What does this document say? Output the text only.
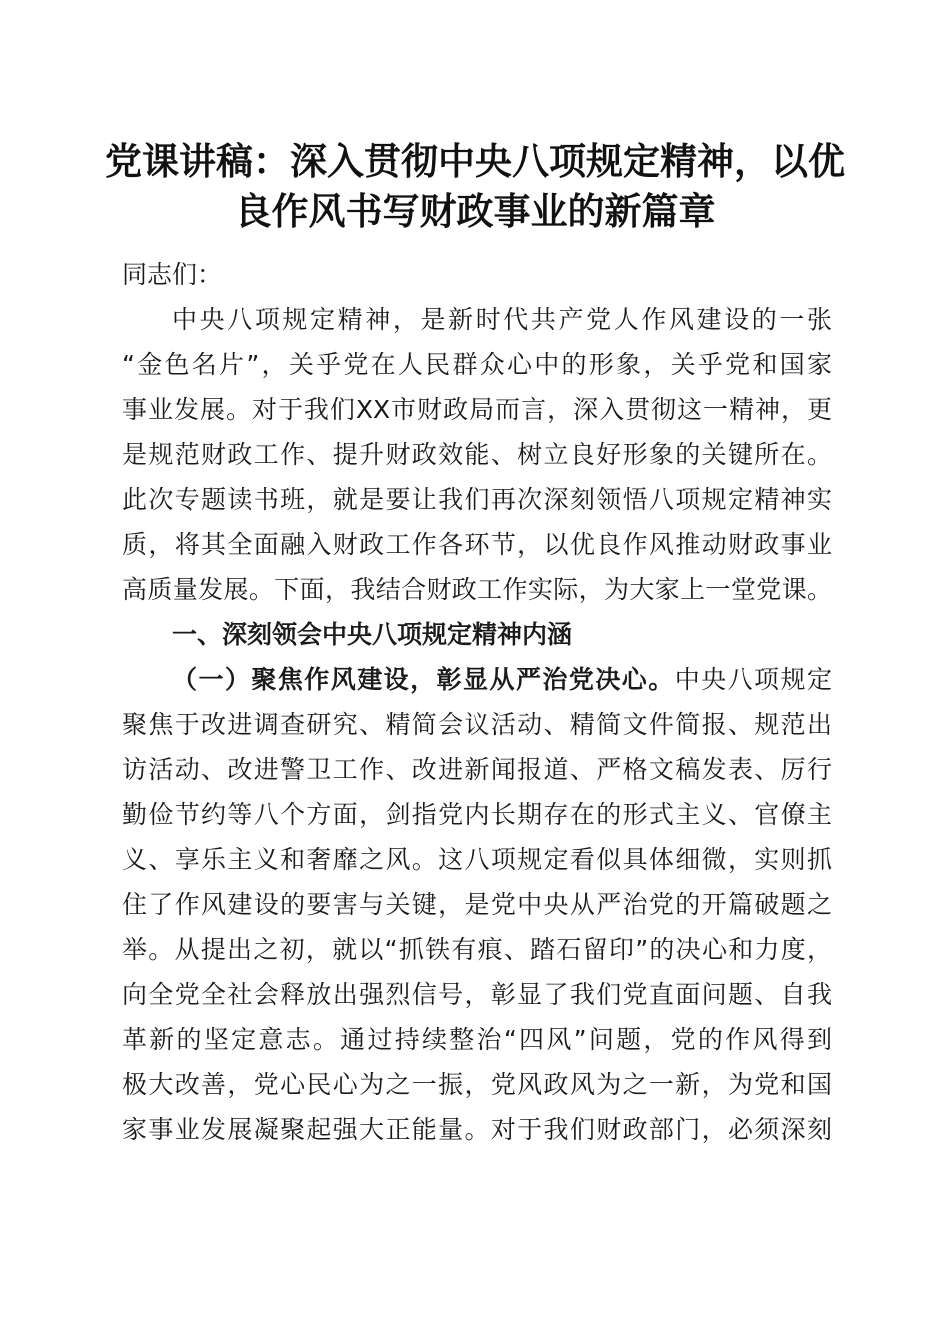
党课讲稿：深入贯彻中央八项规定精神，以优
良作风书写财政事业的新篇章
同志们：
中央八项规定精神，是新时代共产党人作风建设的一张
“金色名片”，关乎党在人民群众心中的形象，关乎党和国家
事业发展。对于我们XX市财政局而言，深入贯彻这一精神，更
是规范财政工作、提升财政效能、树立良好形象的关键所在。
此次专题读书班，就是要让我们再次深刻领悟八项规定精神实
质，将其全面融入财政工作各环节，以优良作风推动财政事业
高质量发展。下面，我结合财政工作实际，为大家上一堂党课。
一、深刻领会中央八项规定精神内涵
（一）聚焦作风建设，彰显从严治党决心。中央八项规定
聚焦于改进调查研究、精简会议活动、精简文件简报、规范出
访活动、改进警卫工作、改进新闻报道、严格文稿发表、厉行
勤俭节约等八个方面，剑指党内长期存在的形式主义、官僚主
义、享乐主义和奢靡之风。这八项规定看似具体细微，实则抓
住了作风建设的要害与关键，是党中央从严治党的开篇破题之
举。从提出之初，就以“抓铁有痕、踏石留印”的决心和力度，
向全党全社会释放出强烈信号，彰显了我们党直面问题、自我
革新的坚定意志。通过持续整治“四风”问题，党的作风得到
极大改善，党心民心为之一振，党风政风为之一新，为党和国
家事业发展凝聚起强大正能量。对于我们财政部门，必须深刻
